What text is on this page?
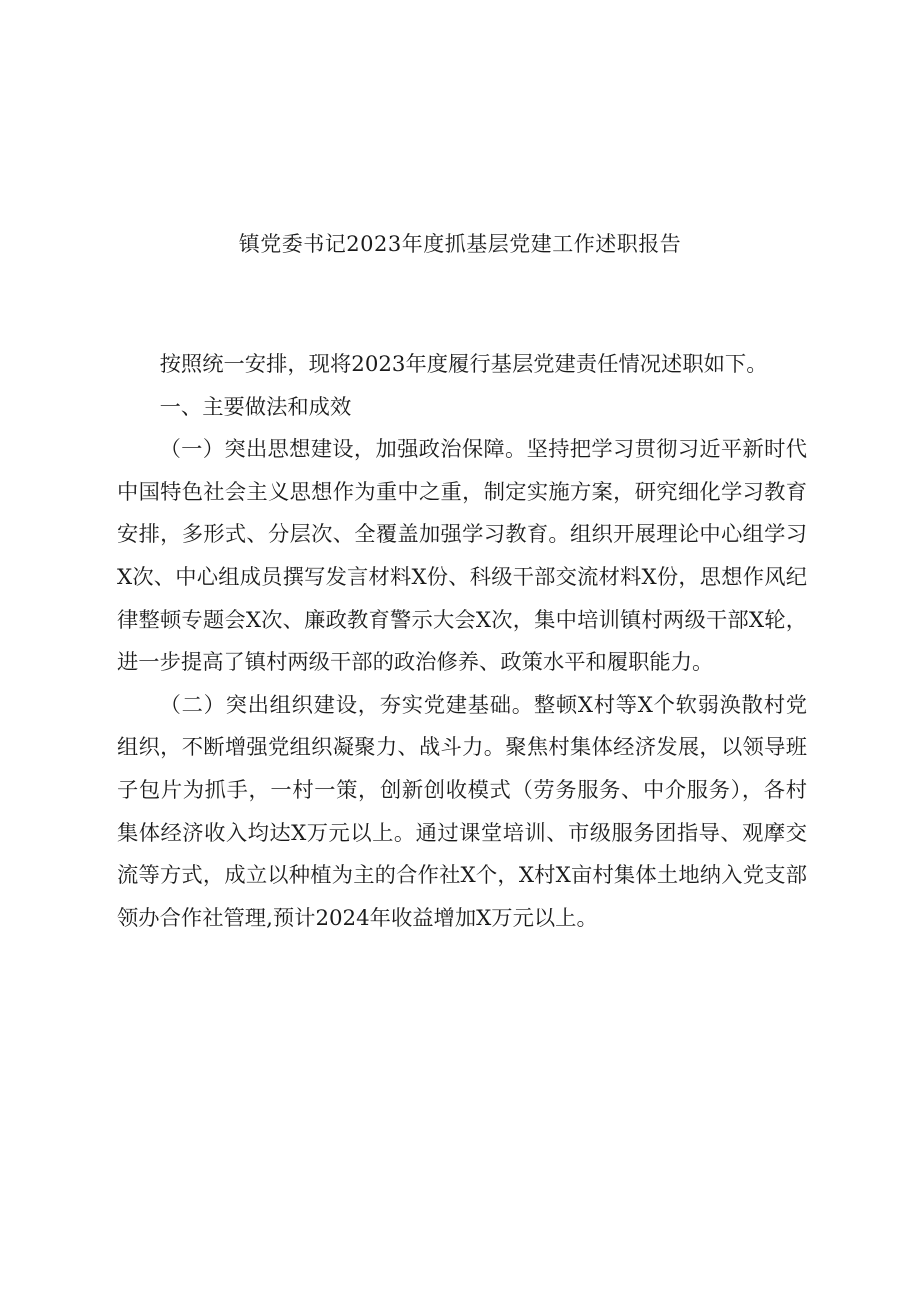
镇党委书记2023年度抓基层党建工作述职报告

按照统一安排，现将2023年度履行基层党建责任情况述职如下。

一、主要做法和成效

（一）突出思想建设，加强政治保障。坚持把学习贯彻习近平新时代中国特色社会主义思想作为重中之重，制定实施方案，研究细化学习教育安排，多形式、分层次、全覆盖加强学习教育。组织开展理论中心组学习X次、中心组成员撰写发言材料X份、科级干部交流材料X份，思想作风纪律整顿专题会X次、廉政教育警示大会X次，集中培训镇村两级干部X轮，进一步提高了镇村两级干部的政治修养、政策水平和履职能力。

（二）突出组织建设，夯实党建基础。整顿X村等X个软弱涣散村党组织，不断增强党组织凝聚力、战斗力。聚焦村集体经济发展，以领导班子包片为抓手，一村一策，创新创收模式（劳务服务、中介服务），各村集体经济收入均达X万元以上。通过课堂培训、市级服务团指导、观摩交流等方式，成立以种植为主的合作社X个，X村X亩村集体土地纳入党支部领办合作社管理,预计2024年收益增加X万元以上。
